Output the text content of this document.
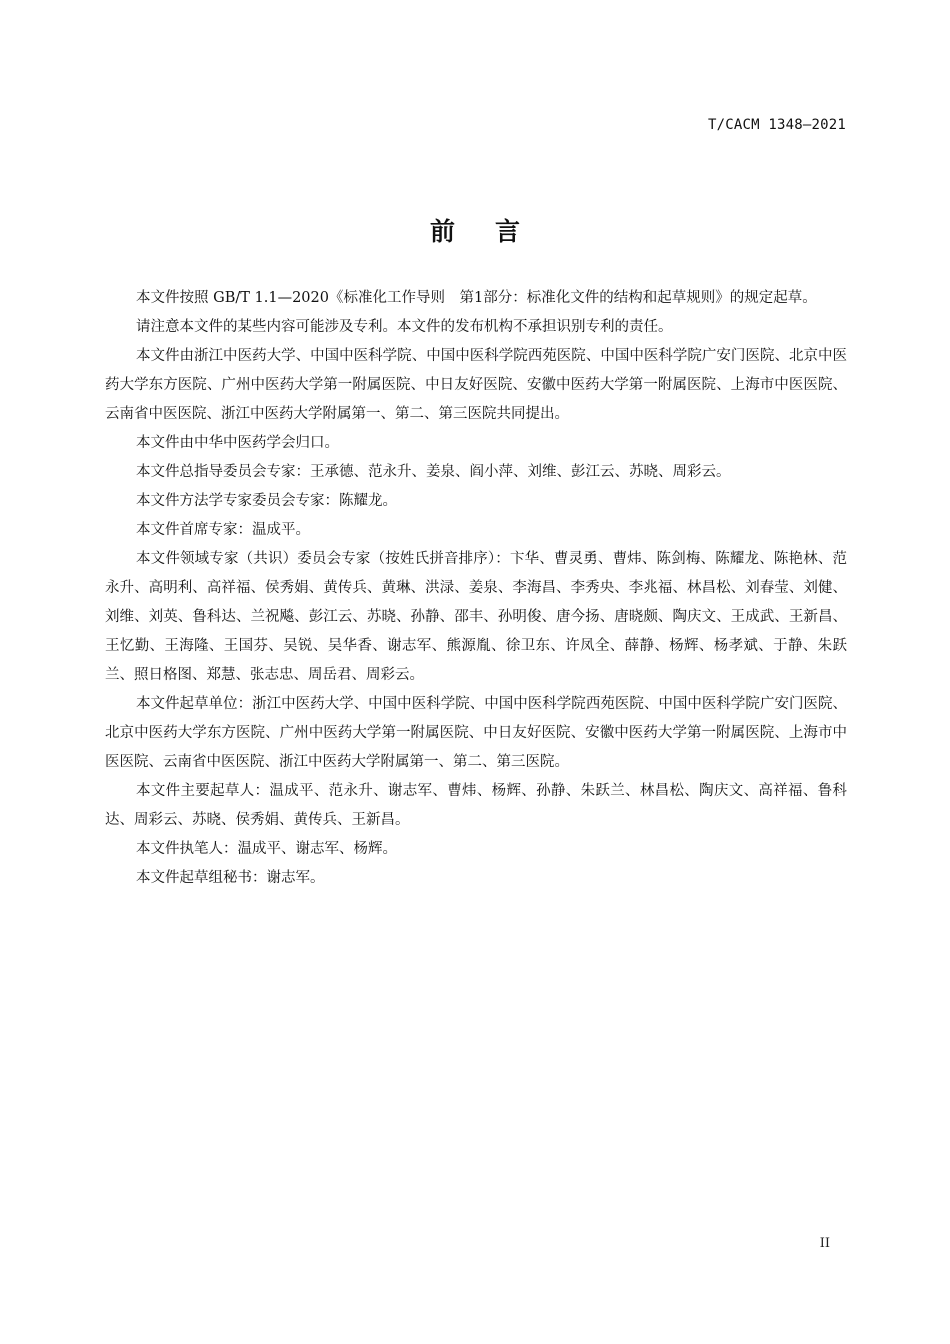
T/CACM 1348—2021
前言

本文件按照 GB/T 1.1—2020《标准化工作导则　第1部分：标准化文件的结构和起草规则》的规定起草。

请注意本文件的某些内容可能涉及专利。本文件的发布机构不承担识别专利的责任。

本文件由浙江中医药大学、中国中医科学院、中国中医科学院西苑医院、中国中医科学院广安门医院、北京中医药大学东方医院、广州中医药大学第一附属医院、中日友好医院、安徽中医药大学第一附属医院、上海市中医医院、云南省中医医院、浙江中医药大学附属第一、第二、第三医院共同提出。

本文件由中华中医药学会归口。

本文件总指导委员会专家：王承德、范永升、姜泉、阎小萍、刘维、彭江云、苏晓、周彩云。

本文件方法学专家委员会专家：陈耀龙。

本文件首席专家：温成平。

本文件领域专家（共识）委员会专家（按姓氏拼音排序）：卞华、曹灵勇、曹炜、陈剑梅、陈耀龙、陈艳林、范永升、高明利、高祥福、侯秀娟、黄传兵、黄琳、洪渌、姜泉、李海昌、李秀央、李兆福、林昌松、刘春莹、刘健、刘维、刘英、鲁科达、兰祝飚、彭江云、苏晓、孙静、邵丰、孙明俊、唐今扬、唐晓颇、陶庆文、王成武、王新昌、王忆勤、王海隆、王国芬、吴锐、吴华香、谢志军、熊源胤、徐卫东、许凤全、薛静、杨辉、杨孝斌、于静、朱跃兰、照日格图、郑慧、张志忠、周岳君、周彩云。

本文件起草单位：浙江中医药大学、中国中医科学院、中国中医科学院西苑医院、中国中医科学院广安门医院、北京中医药大学东方医院、广州中医药大学第一附属医院、中日友好医院、安徽中医药大学第一附属医院、上海市中医医院、云南省中医医院、浙江中医药大学附属第一、第二、第三医院。

本文件主要起草人：温成平、范永升、谢志军、曹炜、杨辉、孙静、朱跃兰、林昌松、陶庆文、高祥福、鲁科达、周彩云、苏晓、侯秀娟、黄传兵、王新昌。

本文件执笔人：温成平、谢志军、杨辉。

本文件起草组秘书：谢志军。

II
